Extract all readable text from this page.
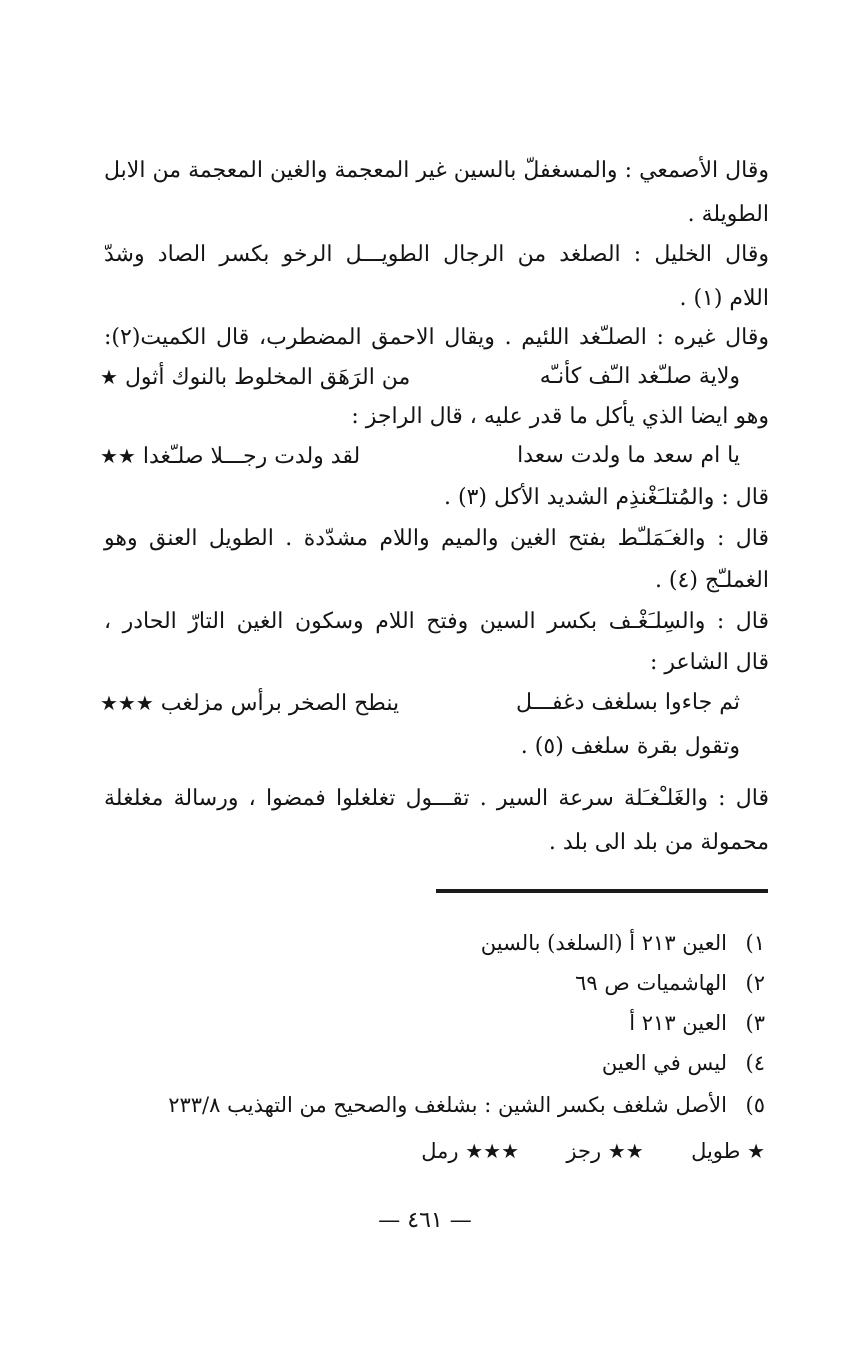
وقال الأصمعي : والمسغفلّ بالسين غير المعجمة والغين المعجمة من الابل
الطويلة .
وقال الخليل : الصلغد من الرجال الطويـــل الرخو بكسر الصاد وشدّ
اللام (١) .
وقال غيره : الصلـّغد اللئيم . ويقال الاحمق المضطرب، قال الكميت(٢):
ولاية صلـّغد الـّف كأنـّه
من الرَهَق المخلوط بالنوك أثول ★
وهو ايضا الذي يأكل ما قدر عليه ، قال الراجز :
يا ام سعد ما ولدت سعدا
لقد ولدت رجـــلا صلـّغدا ★★
قال : والمُتلـَغْنذِم الشديد الأكل (٣) .
قال : والغـَمَلـّط بفتح الغين والميم واللام مشدّدة . الطويل العنق وهو
الغملـّج (٤) .
قال : والسِلـَغْـف بكسر السين وفتح اللام وسكون الغين التارّ الحادر ،
قال الشاعر :
ثم جاءوا بسلغف دغفـــل
ينطح الصخر برأس مزلغب ★★★
وتقول بقرة سلغف (٥) .
قال : والغَلـْغـَلة سرعة السير . تقـــول تغلغلوا فمضوا ، ورسالة مغلغلة
محمولة من بلد الى بلد .
١)العين ٢١٣ أ (السلغد) بالسين
٢)الهاشميات ص ٦٩
٣)العين ٢١٣ أ
٤)ليس في العين
٥)الأصل شلغف بكسر الشين : بشلغف والصحيح من التهذيب ٢٣٣/٨
★ طويل  ★★ رجز  ★★★ رمل
— ٤٦١ —
